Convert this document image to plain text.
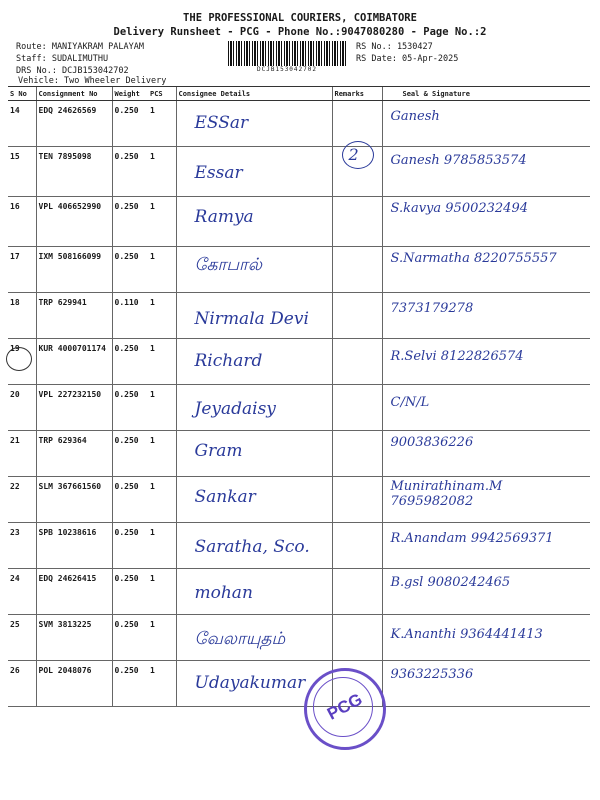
THE PROFESSIONAL COURIERS, COIMBATORE
Delivery Runsheet - PCG - Phone No.:9047080280 - Page No.:2
Route: MANIYAKRAM PALAYAM
Staff: SUDALIMUTHU
DRS No.: DCJB153042702
Vehicle: Two Wheeler Delivery
DCJB153042702
RS No.: 1530427
RS Date: 05-Apr-2025
S No	Consignment No	Weight	PCS	Consignee Details	Remarks	Seal & Signature
14	EDQ 24626569	0.250	1	ESSar		Ganesh

15	TEN 7895098	0.250	1	Essar	2	Ganesh 9785853574

16	VPL 406652990	0.250	1	Ramya		S.kavya 9500232494

17	IXM 508166099	0.250	1	கோபால்		S.Narmatha 8220755557

18	TRP 629941	0.110	1	Nirmala Devi		7373179278

19	KUR 4000701174	0.250	1	Richard		R.Selvi 8122826574

20	VPL 227232150	0.250	1	Jeyadaisy		C/N/L

21	TRP 629364	0.250	1	Gram		9003836226

22	SLM 367661560	0.250	1	Sankar		Munirathinam.M 7695982082

23	SPB 10238616	0.250	1	Saratha, Sco.		R.Anandam 9942569371

24	EDQ 24626415	0.250	1	mohan		B.gsl 9080242465

25	SVM 3813225	0.250	1	வேலாயுதம்		K.Ananthi 9364441413

26	POL 2048076	0.250	1	Udayakumar		9363225336
PCG
